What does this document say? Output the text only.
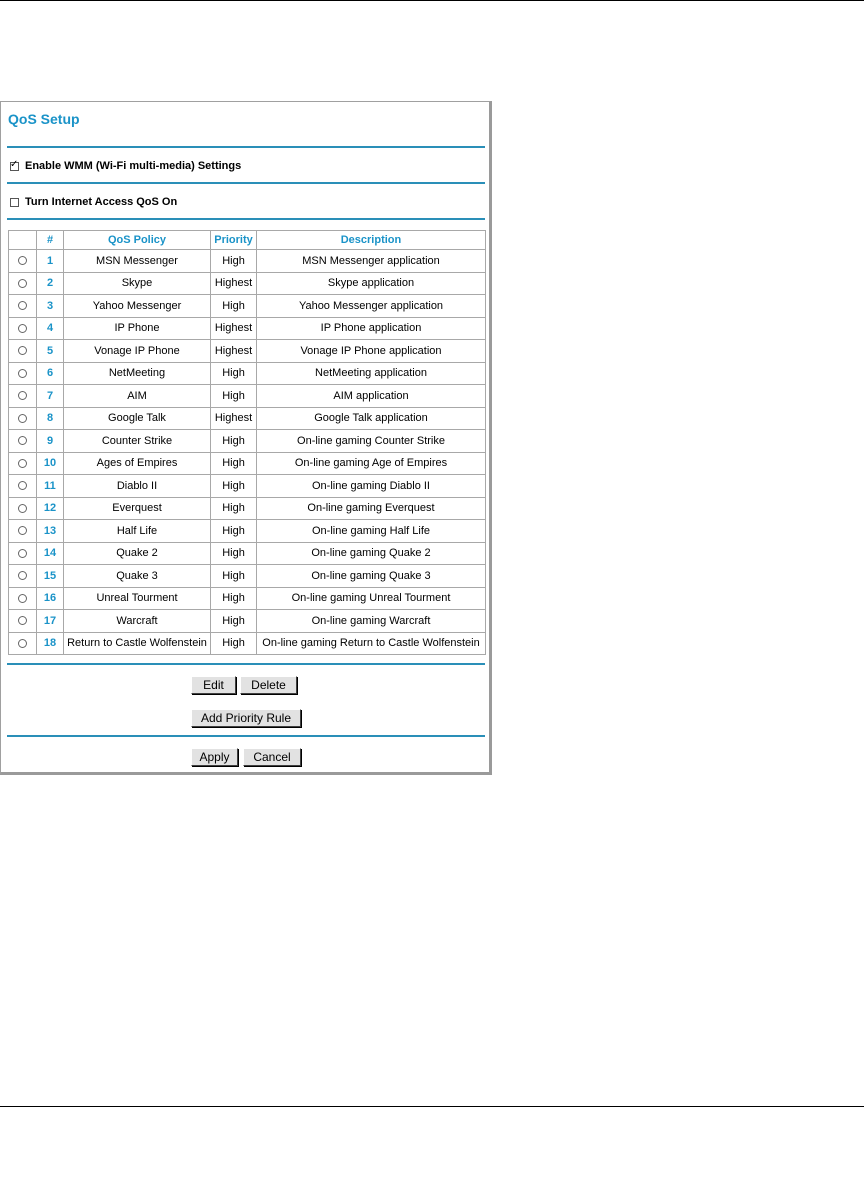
QoS Setup
✓
Enable WMM (Wi-Fi multi-media) Settings
Turn Internet Access QoS On
	#	QoS Policy	Priority	Description
	1	MSN Messenger	High	MSN Messenger application
	2	Skype	Highest	Skype application
	3	Yahoo Messenger	High	Yahoo Messenger application
	4	IP Phone	Highest	IP Phone application
	5	Vonage IP Phone	Highest	Vonage IP Phone application
	6	NetMeeting	High	NetMeeting application
	7	AIM	High	AIM application
	8	Google Talk	Highest	Google Talk application
	9	Counter Strike	High	On-line gaming Counter Strike
	10	Ages of Empires	High	On-line gaming Age of Empires
	11	Diablo II	High	On-line gaming Diablo II
	12	Everquest	High	On-line gaming Everquest
	13	Half Life	High	On-line gaming Half Life
	14	Quake 2	High	On-line gaming Quake 2
	15	Quake 3	High	On-line gaming Quake 3
	16	Unreal Tourment	High	On-line gaming Unreal Tourment
	17	Warcraft	High	On-line gaming Warcraft
	18	Return to Castle Wolfenstein	High	On-line gaming Return to Castle Wolfenstein
Edit	Delete
Add Priority Rule
Apply	Cancel
